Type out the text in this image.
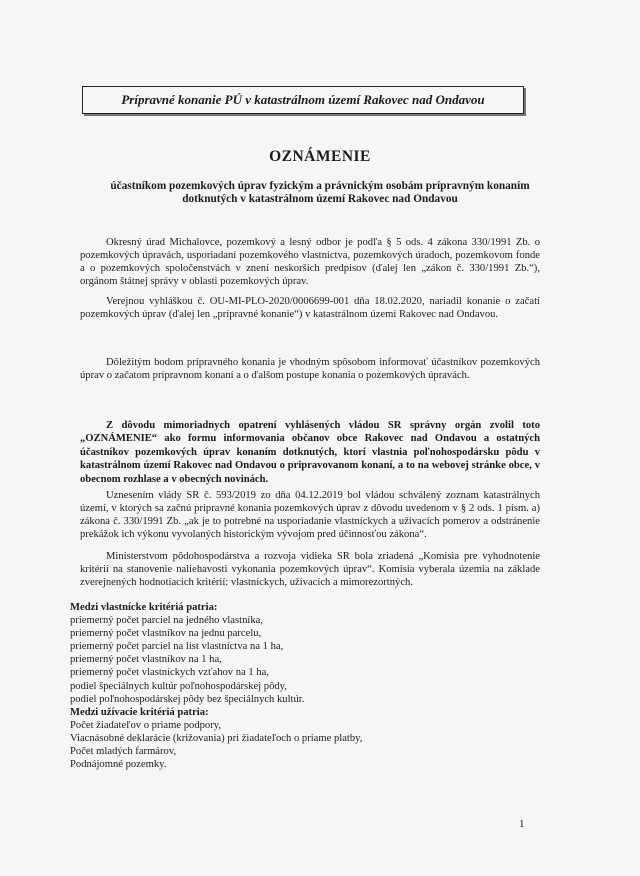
Prípravné konanie PÚ v katastrálnom území Rakovec nad Ondavou
OZNÁMENIE
účastníkom pozemkových úprav fyzickým a právnickým osobám prípravným konaním dotknutých v katastrálnom území Rakovec nad Ondavou
Okresný úrad Michalovce, pozemkový a lesný odbor je podľa § 5 ods. 4 zákona 330/1991 Zb. o pozemkových úpravách, usporiadaní pozemkového vlastníctva, pozemkových úradoch, pozemkovom fonde a o pozemkových spoločenstvách v znení neskorších predpisov (ďalej len „zákon č. 330/1991 Zb.“), orgánom štátnej správy v oblasti pozemkových úprav.
Verejnou vyhláškou č. OU-MI-PLO-2020/0006699-001 dňa 18.02.2020, nariadil konanie o začatí pozemkových úprav (ďalej len „prípravné konanie“) v katastrálnom území Rakovec nad Ondavou.
Dôležitým bodom prípravného konania je vhodným spôsobom informovať účastníkov pozemkových úprav o začatom prípravnom konaní a o ďalšom postupe konania o pozemkových úpravách.
Z dôvodu mimoriadnych opatrení vyhlásených vládou SR správny orgán zvolil toto „OZNÁMENIE“ ako formu informovania občanov obce Rakovec nad Ondavou a ostatných účastníkov pozemkových úprav konaním dotknutých, ktorí vlastnia poľnohospodársku pôdu v katastrálnom území Rakovec nad Ondavou o pripravovanom konaní, a to na webovej stránke obce, v obecnom rozhlase a v obecných novinách.
Uznesením vlády SR č. 593/2019 zo dňa 04.12.2019 bol vládou schválený zoznam katastrálnych území, v ktorých sa začnú prípravné konania pozemkových úprav z dôvodu uvedenom v § 2 ods. 1 písm. a) zákona č. 330/1991 Zb. „ak je to potrebné na usporiadanie vlastníckych a užívacích pomerov a odstránenie prekážok ich výkonu vyvolaných historickým vývojom pred účinnosťou zákona“.
Ministerstvom pôdohospodárstva a rozvoja vidieka SR bola zriadená „Komisia pre vyhodnotenie kritérií na stanovenie naliehavosti vykonania pozemkových úprav“. Komisia vyberala územia na základe zverejnených hodnotiacich kritérií: vlastníckych, užívacích a mimorezortných.
Medzi vlastnícke kritériá patria:
priemerný počet parciel na jedného vlastníka,
priemerný počet vlastníkov na jednu parcelu,
priemerný počet parciel na list vlastníctva na 1 ha,
priemerný počet vlastníkov na 1 ha,
priemerný počet vlastníckych vzťahov na 1 ha,
podiel špeciálnych kultúr poľnohospodárskej pôdy,
podiel poľnohospodárskej pôdy bez špeciálnych kultúr.
Medzi užívacie kritériá patria:
Počet žiadateľov o priame podpory,
Viacnásobné deklarácie (križovania) pri žiadateľoch o priame platby,
Počet mladých farmárov,
Podnájomné pozemky.
1
